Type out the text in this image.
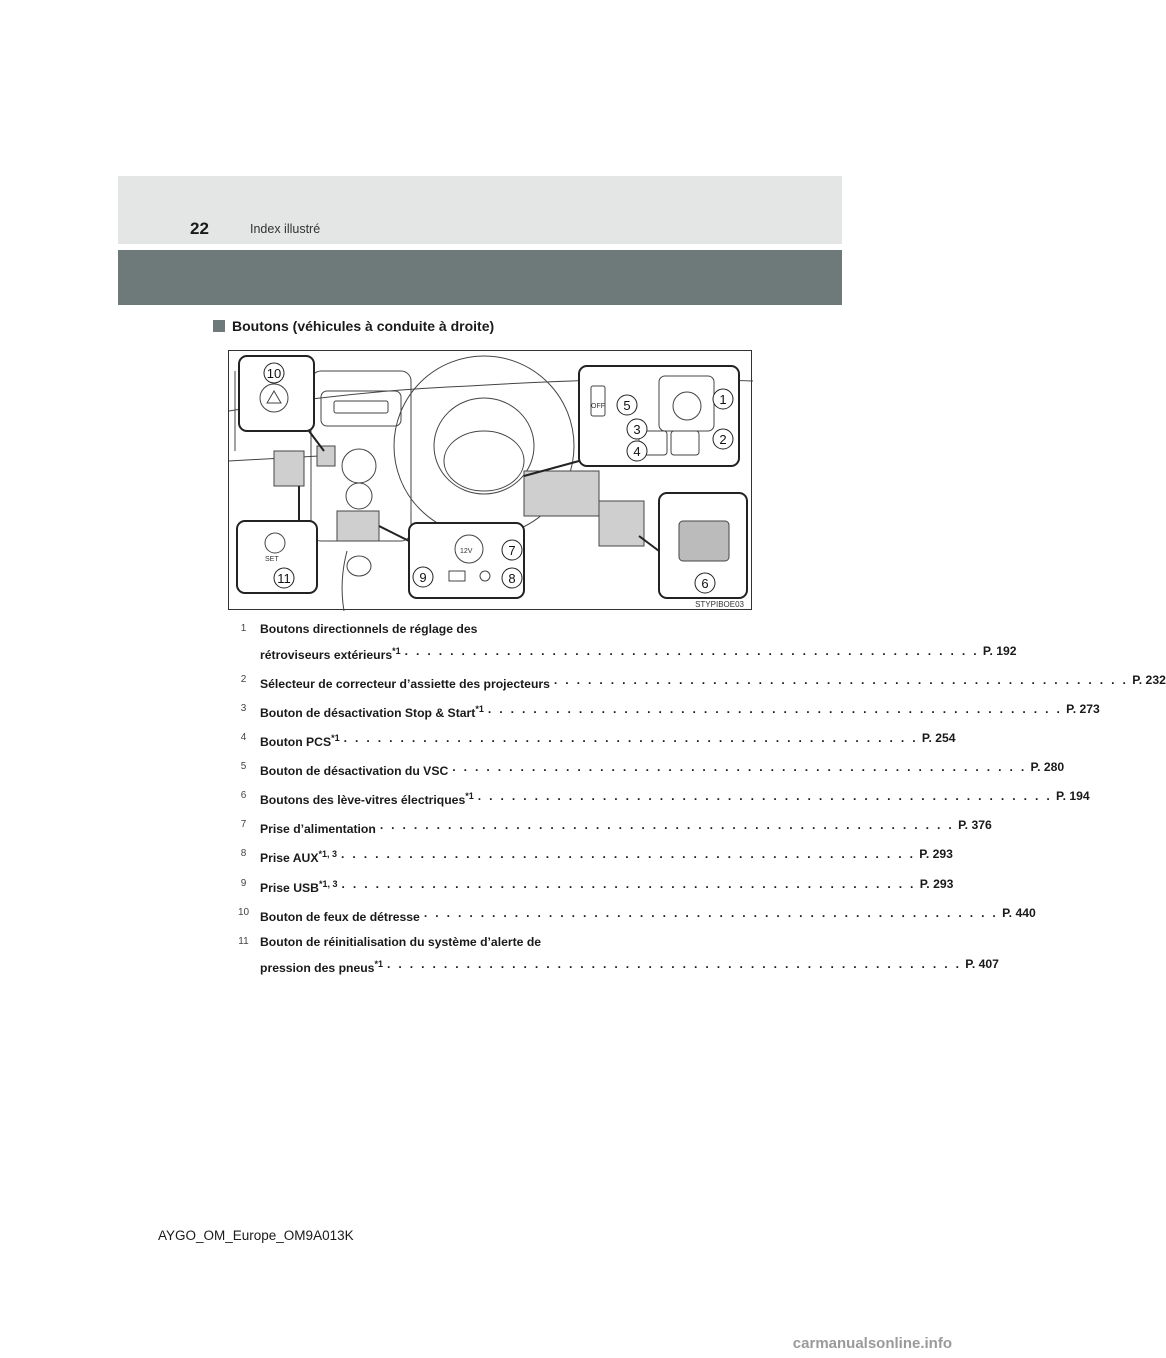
22	Index illustré
Boutons (véhicules à conduite à droite)
12V
SET
OFF
10
1
2
3
4
5
6
7
8
9
11
STYPIBOE03
1	Boutons directionnels de réglage des
rétroviseurs extérieurs$^{*1}$ . . . . . . . . . . . . . . . . . . . . . . . . . . . . . . . . . . . . . . . . . . . . . . . . . . . P. 192
2	Sélecteur de correcteur d’assiette des projecteurs . . . . . . . . . . . . . . . . . . . . . . . . . . . . . . . . . . . . . . . . . . . . . . . . . . . P. 232
3	Bouton de désactivation Stop & Start$^{*1}$ . . . . . . . . . . . . . . . . . . . . . . . . . . . . . . . . . . . . . . . . . . . . . . . . . . . P. 273
4	Bouton PCS$^{*1}$ . . . . . . . . . . . . . . . . . . . . . . . . . . . . . . . . . . . . . . . . . . . . . . . . . . . P. 254
5	Bouton de désactivation du VSC . . . . . . . . . . . . . . . . . . . . . . . . . . . . . . . . . . . . . . . . . . . . . . . . . . . P. 280
6	Boutons des lève-vitres électriques$^{*1}$ . . . . . . . . . . . . . . . . . . . . . . . . . . . . . . . . . . . . . . . . . . . . . . . . . . . P. 194
7	Prise d’alimentation . . . . . . . . . . . . . . . . . . . . . . . . . . . . . . . . . . . . . . . . . . . . . . . . . . . P. 376
8	Prise AUX$^{*1, 3}$ . . . . . . . . . . . . . . . . . . . . . . . . . . . . . . . . . . . . . . . . . . . . . . . . . . . P. 293
9	Prise USB$^{*1, 3}$ . . . . . . . . . . . . . . . . . . . . . . . . . . . . . . . . . . . . . . . . . . . . . . . . . . . P. 293
10 Bouton de feux de détresse . . . . . . . . . . . . . . . . . . . . . . . . . . . . . . . . . . . . . . . . . . . . . . . . . . . P. 440
11 Bouton de réinitialisation du système d’alerte de
pression des pneus$^{*1}$ . . . . . . . . . . . . . . . . . . . . . . . . . . . . . . . . . . . . . . . . . . . . . . . . . . . P. 407
AYGO_OM_Europe_OM9A013K
carmanualsonline.info
